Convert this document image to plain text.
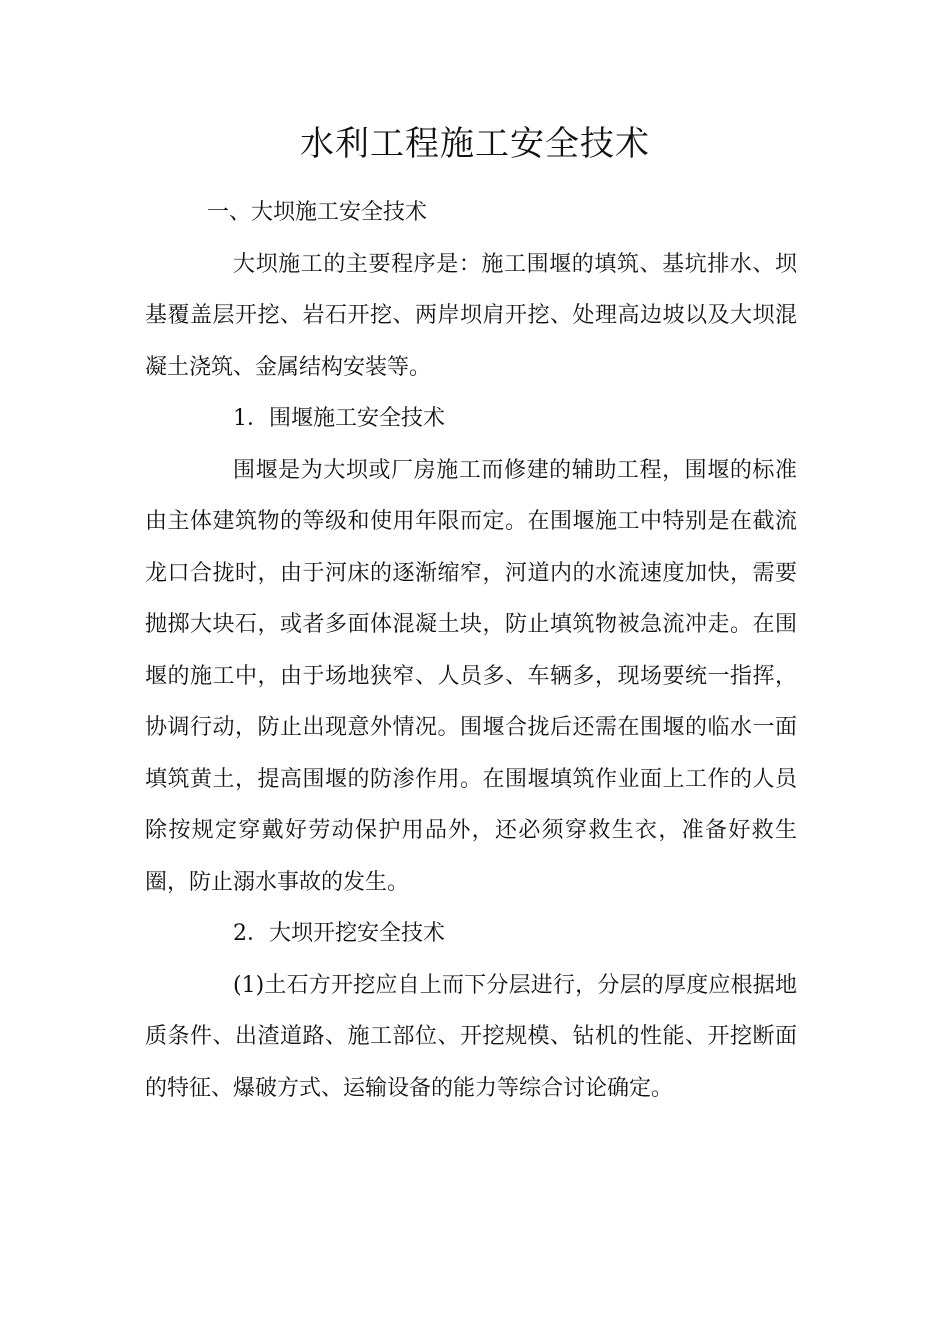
水利工程施工安全技术

一、大坝施工安全技术

大坝施工的主要程序是：施工围堰的填筑、基坑排水、坝基覆盖层开挖、岩石开挖、两岸坝肩开挖、处理高边坡以及大坝混凝土浇筑、金属结构安装等。

1．围堰施工安全技术

围堰是为大坝或厂房施工而修建的辅助工程，围堰的标准由主体建筑物的等级和使用年限而定。在围堰施工中特别是在截流龙口合拢时，由于河床的逐渐缩窄，河道内的水流速度加快，需要抛掷大块石，或者多面体混凝土块，防止填筑物被急流冲走。在围堰的施工中，由于场地狭窄、人员多、车辆多，现场要统一指挥，协调行动，防止出现意外情况。围堰合拢后还需在围堰的临水一面填筑黄土，提高围堰的防渗作用。在围堰填筑作业面上工作的人员除按规定穿戴好劳动保护用品外，还必须穿救生衣，准备好救生圈，防止溺水事故的发生。

2．大坝开挖安全技术

(1)土石方开挖应自上而下分层进行，分层的厚度应根据地质条件、出渣道路、施工部位、开挖规模、钻机的性能、开挖断面的特征、爆破方式、运输设备的能力等综合讨论确定。
